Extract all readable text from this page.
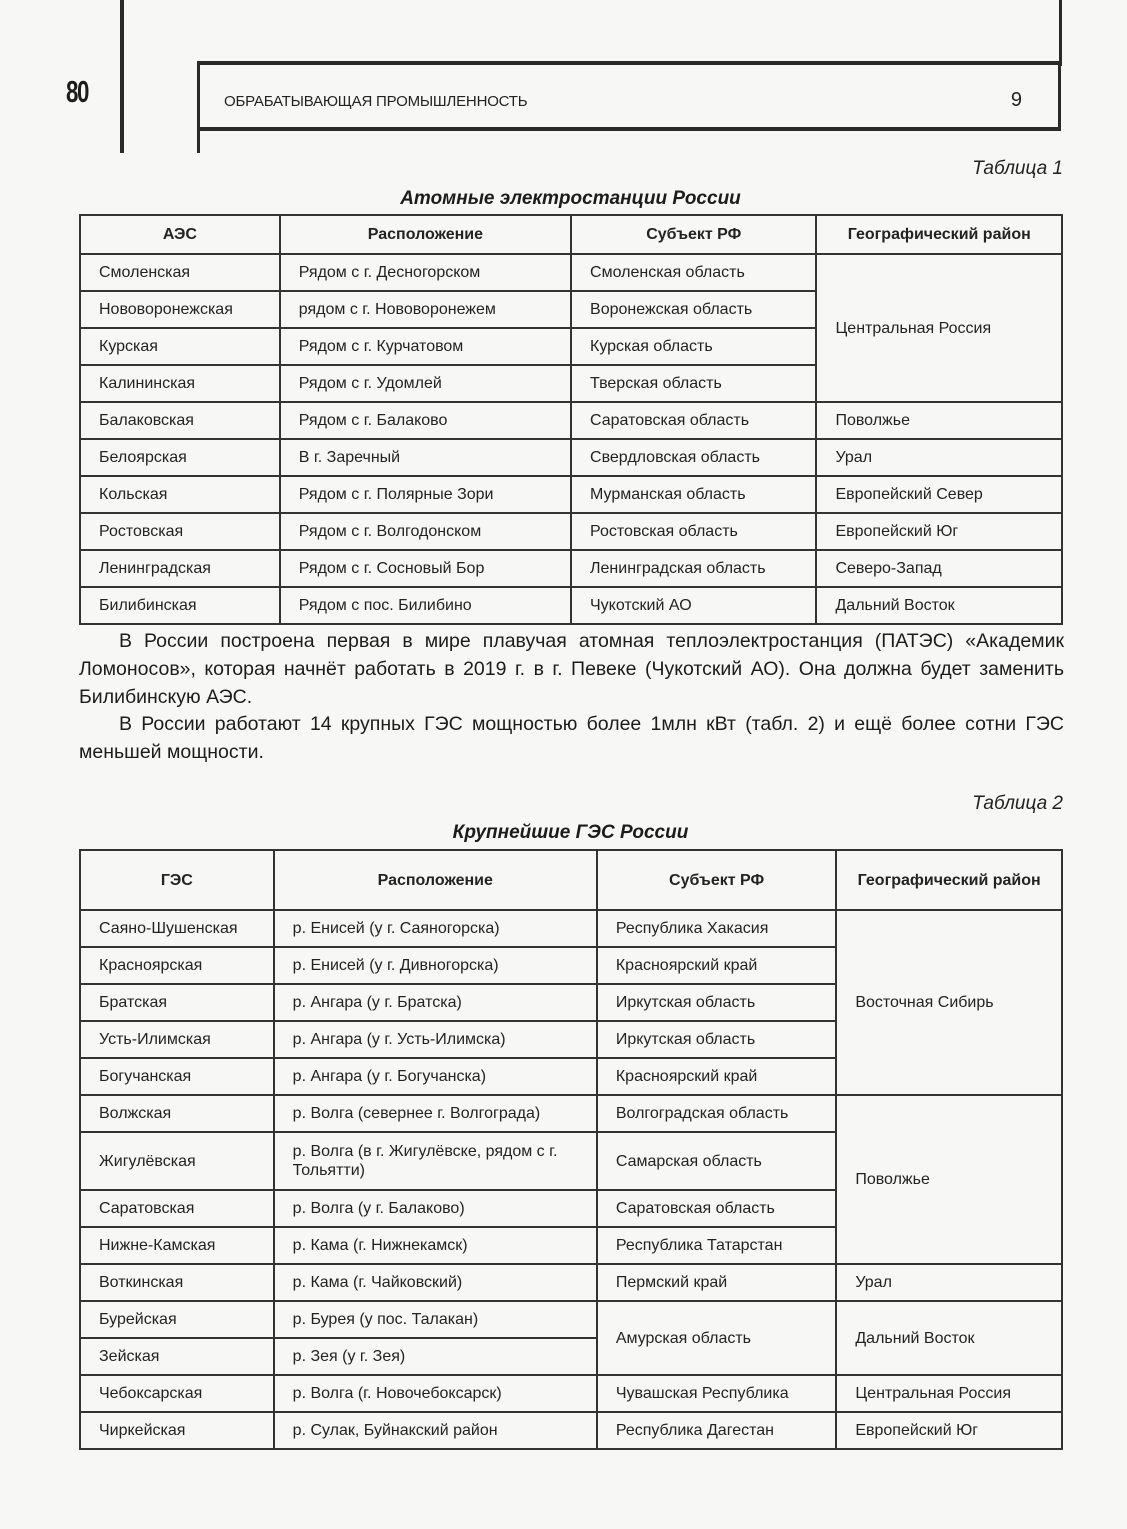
80	ОБРАБАТЫВАЮЩАЯ ПРОМЫШЛЕННОСТЬ	9
Таблица 1
Атомные электростанции России
АЭС	Расположение	Субъект РФ	Географический район
Смоленская	Рядом с г. Десногорском	Смоленская область	Центральная Россия
Нововоронежская	рядом с г. Нововоронежем	Воронежская область	
Курская	Рядом с г. Курчатовом	Курская область	
Калининская	Рядом с г. Удомлей	Тверская область	
Балаковская	Рядом с г. Балаково	Саратовская область	Поволжье
Белоярская	В г. Заречный	Свердловская область	Урал
Кольская	Рядом с г. Полярные Зори	Мурманская область	Европейский Север
Ростовская	Рядом с г. Волгодонском	Ростовская область	Европейский Юг
Ленинградская	Рядом с г. Сосновый Бор	Ленинградская область	Северо-Запад
Билибинская	Рядом с пос. Билибино	Чукотский АО	Дальний Восток

В России построена первая в мире плавучая атомная теплоэлектростанция (ПАТЭС) «Академик Ломоносов», которая начнёт работать в 2019 г. в г. Певеке (Чукотский АО). Она должна будет заменить Билибинскую АЭС.

В России работают 14 крупных ГЭС мощностью более 1млн кВт (табл. 2) и ещё более сотни ГЭС меньшей мощности.

Таблица 2
Крупнейшие ГЭС России
ГЭС	Расположение	Субъект РФ	Географический район
Саяно-Шушенская	р. Енисей (у г. Саяногорска)	Республика Хакасия	Восточная Сибирь
Красноярская	р. Енисей (у г. Дивногорска)	Красноярский край	
Братская	р. Ангара (у г. Братска)	Иркутская область	
Усть-Илимская	р. Ангара (у г. Усть-Илимска)	Иркутская область	
Богучанская	р. Ангара (у г. Богучанска)	Красноярский край	
Волжская	р. Волга (севернее г. Волгограда)	Волгоградская область	Поволжье
Жигулёвская	р. Волга (в г. Жигулёвске, рядом с г. Тольятти)	Самарская область	
Саратовская	р. Волга (у г. Балаково)	Саратовская область	
Нижне-Камская	р. Кама (г. Нижнекамск)	Республика Татарстан	
Воткинская	р. Кама (г. Чайковский)	Пермский край	Урал
Бурейская	р. Бурея (у пос. Талакан)	Амурская область	Дальний Восток
Зейская	р. Зея (у г. Зея)		
Чебоксарская	р. Волга (г. Новочебоксарск)	Чувашская Республика	Центральная Россия
Чиркейская	р. Сулак, Буйнакский район	Республика Дагестан	Европейский Юг
